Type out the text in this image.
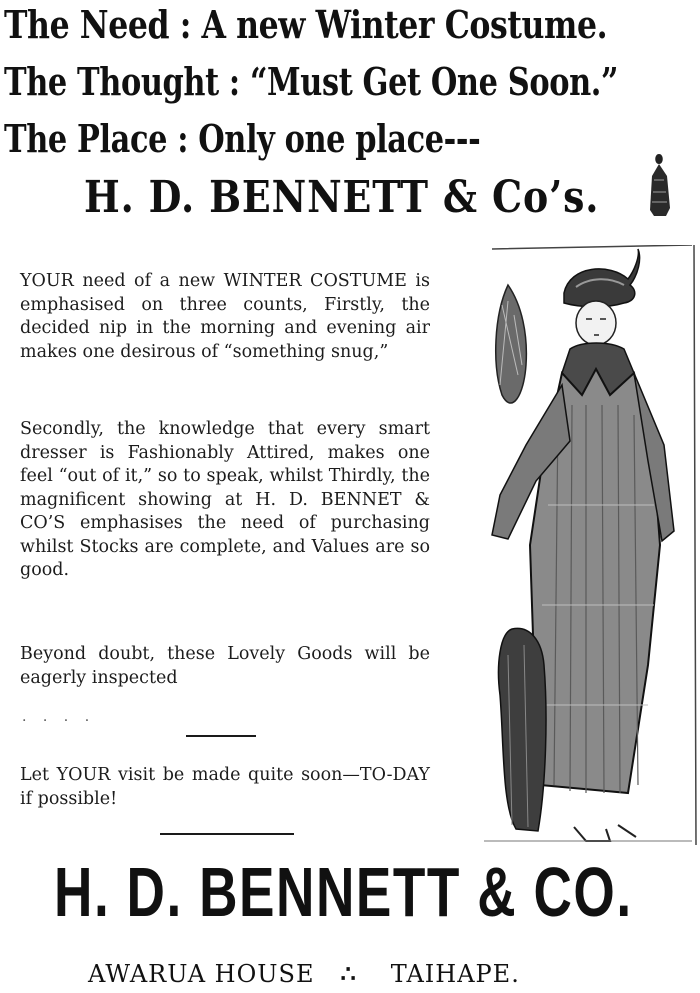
The Need : A new Winter Costume.
The Thought : “Must Get One Soon.”
The Place : Only one place---
H. D. BENNETT & Co’s.

YOUR need of a new WINTER COSTUME is emphasised on three counts, Firstly, the decided nip in the morning and evening air makes one desirous of “something snug,”

Secondly, the knowledge that every smart dresser is Fashionably Attired, makes one feel “out of it,” so to speak, whilst Thirdly, the magnificent showing at H. D. BENNET & CO’S emphasises the need of purchasing whilst Stocks are complete, and Values are so good.

Beyond doubt, these Lovely Goods will be eagerly inspected

· · · ·

Let YOUR visit be made quite soon—TO-DAY if possible!

H. D. BENNETT & CO.

AWARUA HOUSE ∴ TAIHAPE.
